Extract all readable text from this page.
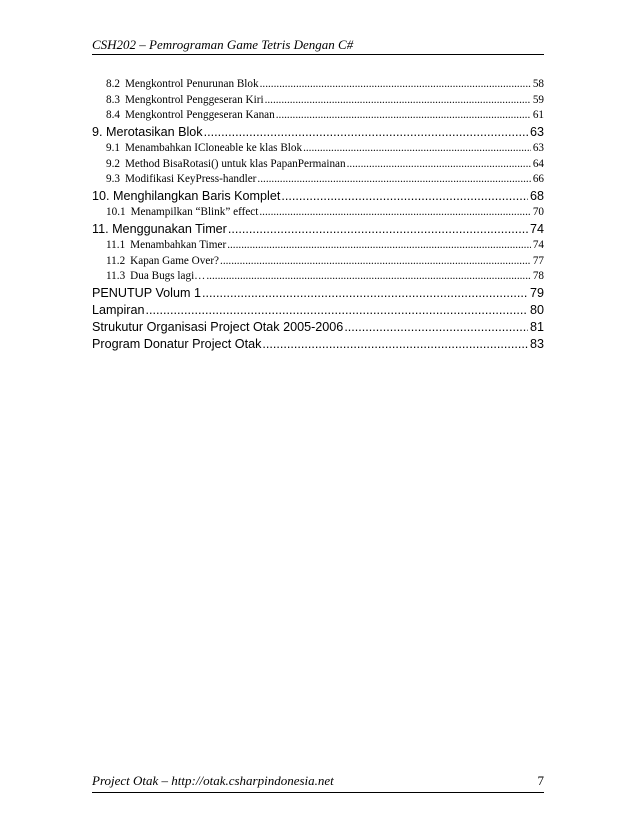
CSH202 – Pemrograman Game Tetris Dengan C#
8.2 Mengkontrol Penurunan Blok .....	58
8.3 Mengkontrol Penggeseran Kiri .....	59
8.4 Mengkontrol Penggeseran Kanan .....	61
9. Merotasikan Blok .....	63
9.1 Menambahkan ICloneable ke klas Blok .....	63
9.2 Method BisaRotasi() untuk klas PapanPermainan .....	64
9.3 Modifikasi KeyPress-handler .....	66
10. Menghilangkan Baris Komplet .....	68
10.1 Menampilkan “Blink” effect .....	70
11. Menggunakan Timer .....	74
11.1 Menambahkan Timer .....	74
11.2 Kapan Game Over? .....	77
11.3 Dua Bugs lagi… .....	78
PENUTUP Volum 1 .....	79
Lampiran .....	80
Strukutur Organisasi Project Otak 2005-2006 .....	81
Program Donatur Project Otak .....	83
Project Otak – http://otak.csharpindonesia.net	7
